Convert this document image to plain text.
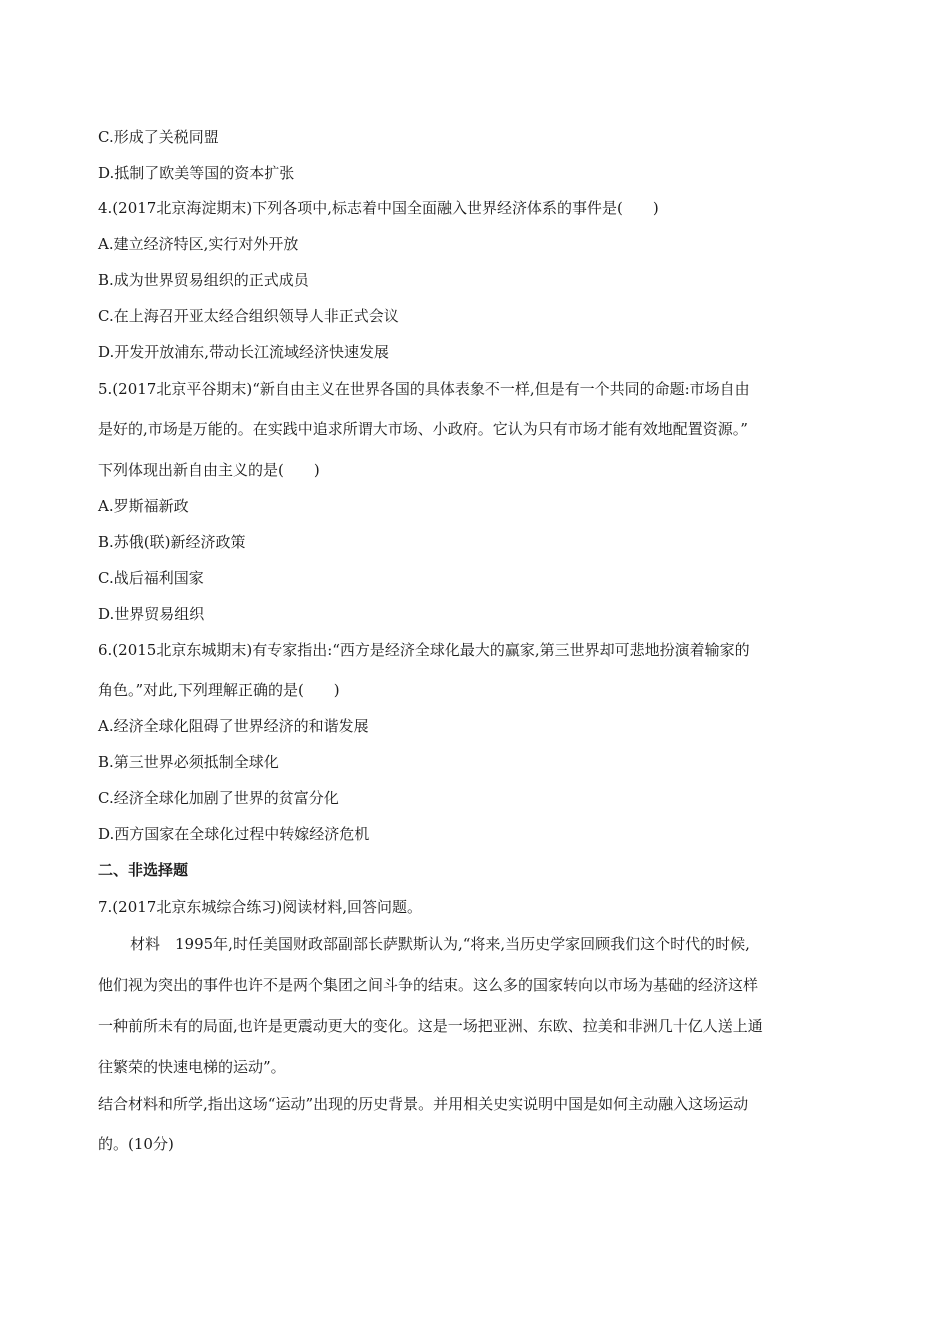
C.形成了关税同盟
D.抵制了欧美等国的资本扩张
4.(2017北京海淀期末)下列各项中,标志着中国全面融入世界经济体系的事件是(　　)
A.建立经济特区,实行对外开放
B.成为世界贸易组织的正式成员
C.在上海召开亚太经合组织领导人非正式会议
D.开发开放浦东,带动长江流域经济快速发展
5.(2017北京平谷期末)“新自由主义在世界各国的具体表象不一样,但是有一个共同的命题:市场自由
是好的,市场是万能的。在实践中追求所谓大市场、小政府。它认为只有市场才能有效地配置资源。”
下列体现出新自由主义的是(　　)
A.罗斯福新政
B.苏俄(联)新经济政策
C.战后福利国家
D.世界贸易组织
6.(2015北京东城期末)有专家指出:“西方是经济全球化最大的赢家,第三世界却可悲地扮演着输家的
角色。”对此,下列理解正确的是(　　)
A.经济全球化阻碍了世界经济的和谐发展
B.第三世界必须抵制全球化
C.经济全球化加剧了世界的贫富分化
D.西方国家在全球化过程中转嫁经济危机
二、非选择题
7.(2017北京东城综合练习)阅读材料,回答问题。
材料　1995年,时任美国财政部副部长萨默斯认为,“将来,当历史学家回顾我们这个时代的时候,
他们视为突出的事件也许不是两个集团之间斗争的结束。这么多的国家转向以市场为基础的经济这样
一种前所未有的局面,也许是更震动更大的变化。这是一场把亚洲、东欧、拉美和非洲几十亿人送上通
往繁荣的快速电梯的运动”。
结合材料和所学,指出这场“运动”出现的历史背景。并用相关史实说明中国是如何主动融入这场运动
的。(10分)
